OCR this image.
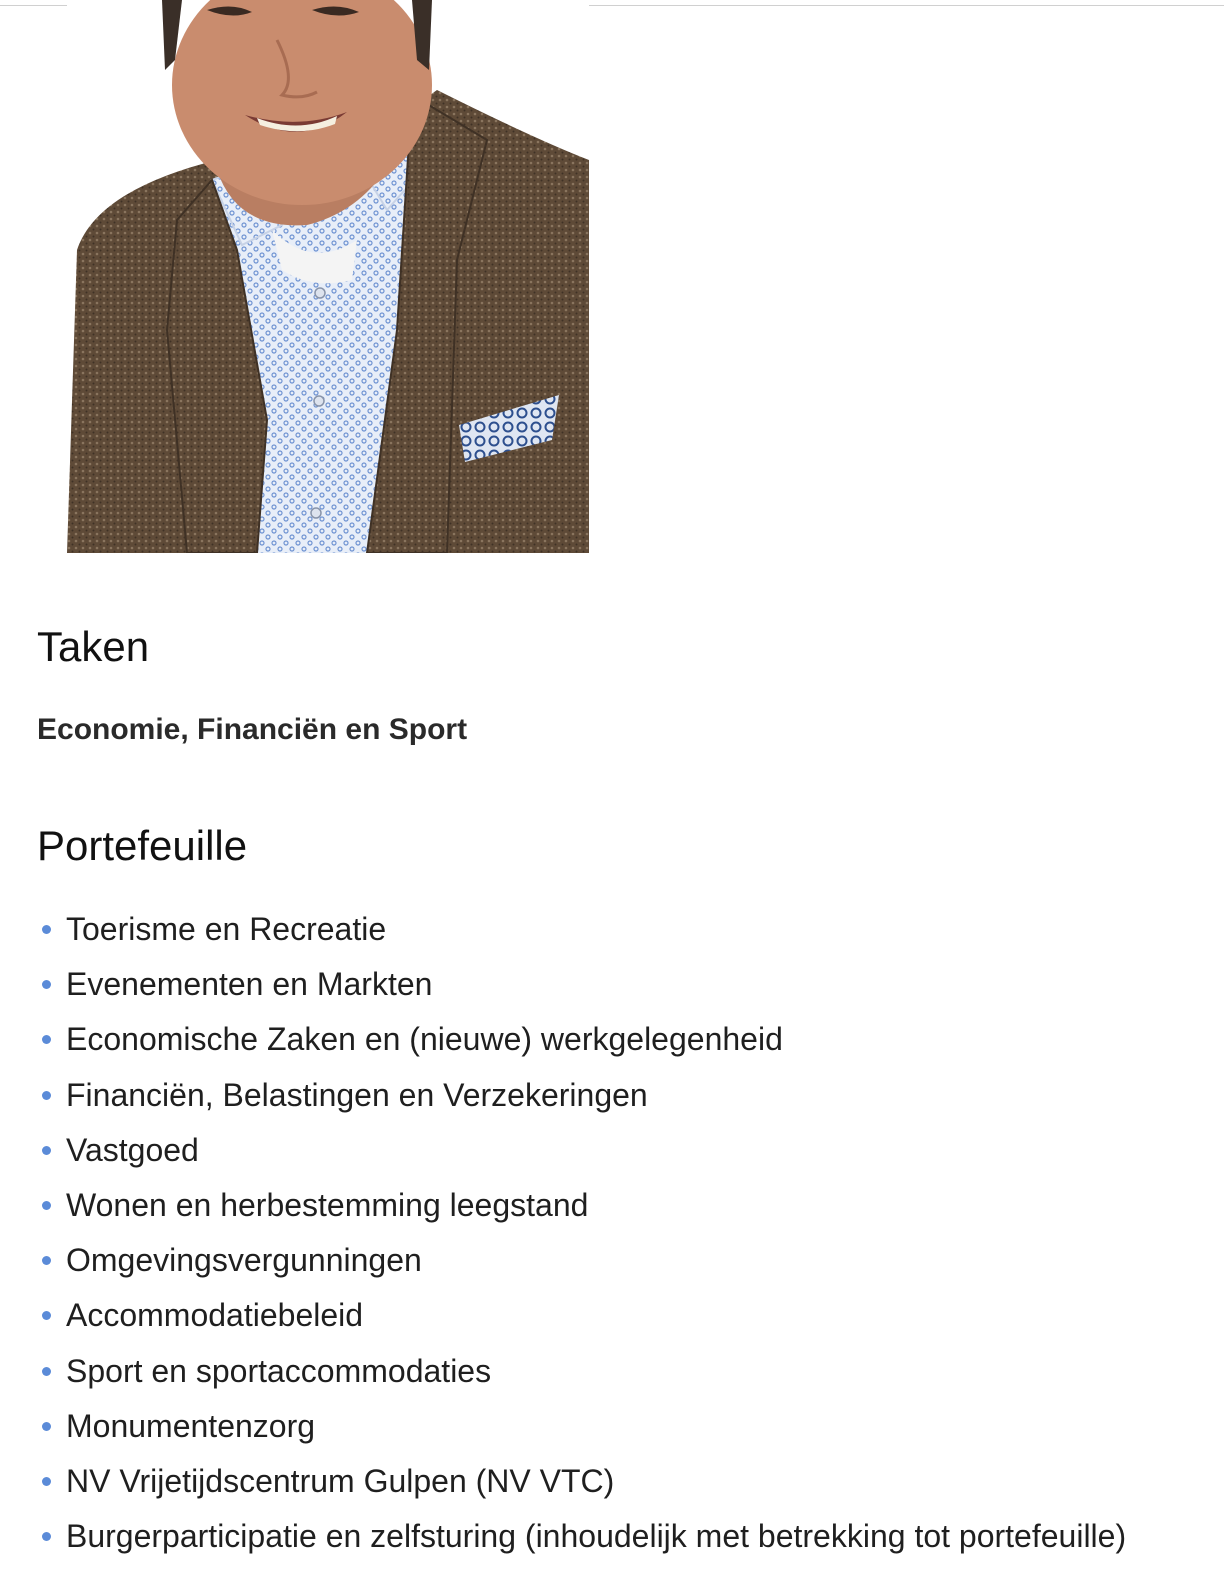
Taken

Economie, Financiën en Sport

Portefeuille
Toerisme en Recreatie
Evenementen en Markten
Economische Zaken en (nieuwe) werkgelegenheid
Financiën, Belastingen en Verzekeringen
Vastgoed
Wonen en herbestemming leegstand
Omgevingsvergunningen
Accommodatiebeleid
Sport en sportaccommodaties
Monumentenzorg
NV Vrijetijdscentrum Gulpen (NV VTC)
Burgerparticipatie en zelfsturing (inhoudelijk met betrekking tot portefeuille)
